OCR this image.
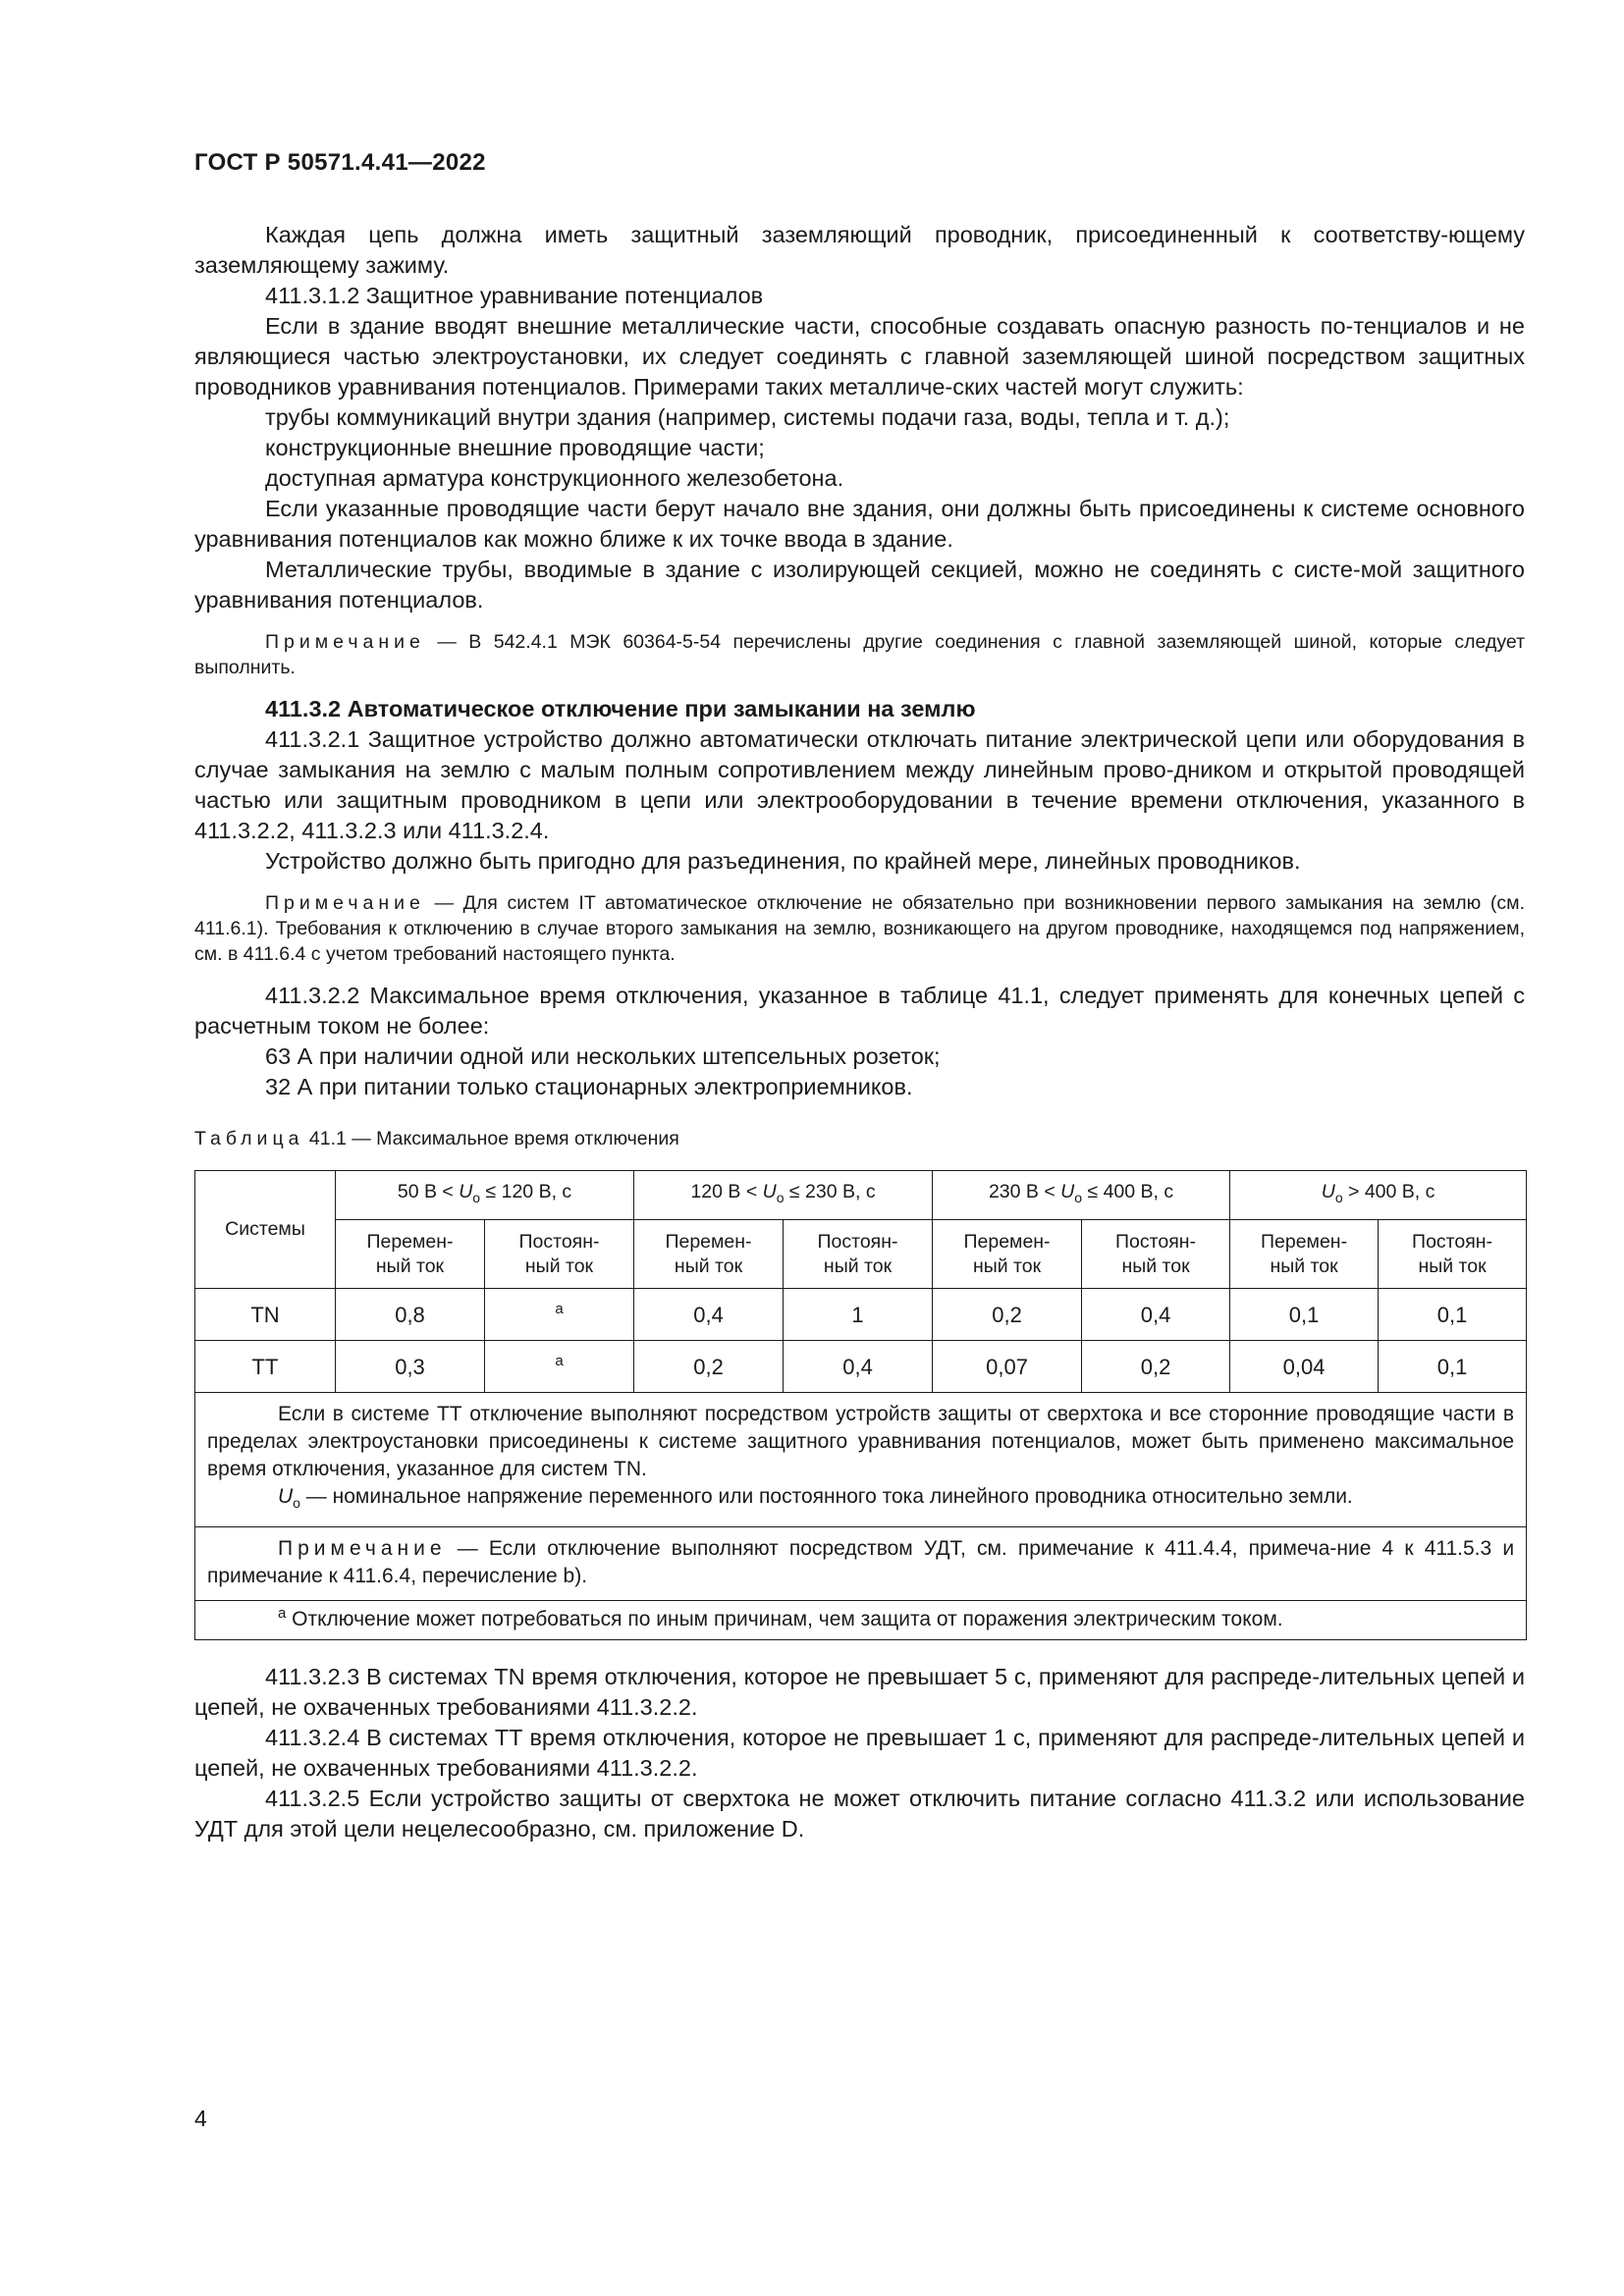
ГОСТ Р 50571.4.41—2022

Каждая цепь должна иметь защитный заземляющий проводник, присоединенный к соответству-ющему заземляющему зажиму.

411.3.1.2 Защитное уравнивание потенциалов

Если в здание вводят внешние металлические части, способные создавать опасную разность по-тенциалов и не являющиеся частью электроустановки, их следует соединять с главной заземляющей шиной посредством защитных проводников уравнивания потенциалов. Примерами таких металличе-ских частей могут служить:

трубы коммуникаций внутри здания (например, системы подачи газа, воды, тепла и т. д.);

конструкционные внешние проводящие части;

доступная арматура конструкционного железобетона.

Если указанные проводящие части берут начало вне здания, они должны быть присоединены к системе основного уравнивания потенциалов как можно ближе к их точке ввода в здание.

Металлические трубы, вводимые в здание с изолирующей секцией, можно не соединять с систе-мой защитного уравнивания потенциалов.

Примечание — В 542.4.1 МЭК 60364-5-54 перечислены другие соединения с главной заземляющей шиной, которые следует выполнить.

411.3.2 Автоматическое отключение при замыкании на землю

411.3.2.1 Защитное устройство должно автоматически отключать питание электрической цепи или оборудования в случае замыкания на землю с малым полным сопротивлением между линейным прово-дником и открытой проводящей частью или защитным проводником в цепи или электрооборудовании в течение времени отключения, указанного в 411.3.2.2, 411.3.2.3 или 411.3.2.4.

Устройство должно быть пригодно для разъединения, по крайней мере, линейных проводников.

Примечание — Для систем IT автоматическое отключение не обязательно при возникновении первого замыкания на землю (см. 411.6.1). Требования к отключению в случае второго замыкания на землю, возникающего на другом проводнике, находящемся под напряжением, см. в 411.6.4 с учетом требований настоящего пункта.

411.3.2.2 Максимальное время отключения, указанное в таблице 41.1, следует применять для конечных цепей с расчетным током не более:

63 А при наличии одной или нескольких штепсельных розеток;

32 А при питании только стационарных электроприемников.

Таблица 41.1 — Максимальное время отключения
Системы	50 $В < U_o \le 120$ В, с		120 $В < U_o \le 230$ В, с		230 $В < U_o \le 400$ В, с		$U_o > 400$ В, с	
	Перемен-
ный ток	Постоян-
ный ток	Перемен-
ный ток	Постоян-
ный ток	Перемен-
ный ток	Постоян-
ный ток	Перемен-
ный ток	Постоян-
ный ток
TN	0,8	$^а$	0,4	1	0,2	0,4	0,1	0,1
TT	0,3	$^а$	0,2	0,4	0,07	0,2	0,04	0,1

Если в системе ТТ отключение выполняют посредством устройств защиты от сверхтока и все сторонние проводящие части в пределах электроустановки присоединены к системе защитного уравнивания потенциалов, может быть применено максимальное время отключения, указанное для систем TN.

$U_o$ — номинальное напряжение переменного или постоянного тока линейного проводника относительно земли.								

Примечание — Если отключение выполняют посредством УДТ, см. примечание к 411.4.4, примеча-ние 4 к 411.5.3 и примечание к 411.6.4, перечисление b).								

$^а$ Отключение может потребоваться по иным причинам, чем защита от поражения электрическим током.								

411.3.2.3 В системах TN время отключения, которое не превышает 5 с, применяют для распреде-лительных цепей и цепей, не охваченных требованиями 411.3.2.2.

411.3.2.4 В системах ТТ время отключения, которое не превышает 1 с, применяют для распреде-лительных цепей и цепей, не охваченных требованиями 411.3.2.2.

411.3.2.5 Если устройство защиты от сверхтока не может отключить питание согласно 411.3.2 или использование УДТ для этой цели нецелесообразно, см. приложение D.

4
